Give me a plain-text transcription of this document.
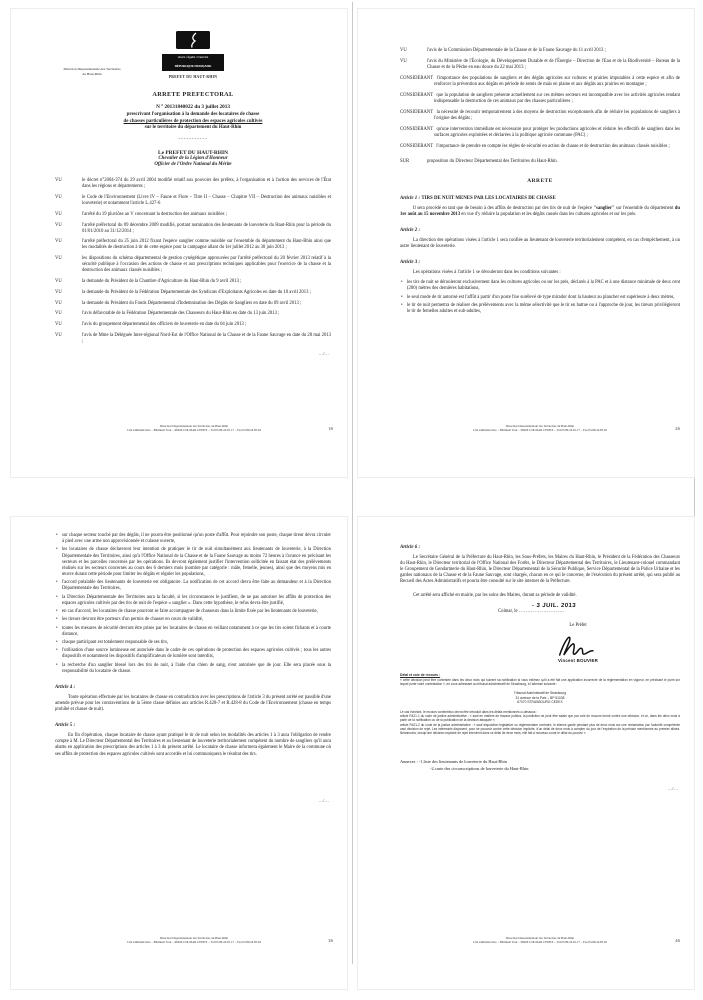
Direction Départementale des Territoires
du Haut-Rhin
Liberté • Égalité • Fraternité
RÉPUBLIQUE FRANÇAISE
PREFET DU HAUT-RHIN
ARRETE PREFECTORAL
N ° 20131840022 du 3 juillet 2013
prescrivant l'organisation à la demande des locataires de chasse
de chasses particulières de protection des espaces agricoles cultivés
sur le territoire du département du Haut-Rhin
-----------
Le PREFET DU HAUT-RHIN
Chevalier de la Légion d'Honneur
Officier de l'Ordre National du Mérite
VU	le décret n°2004-374 du 29 avril 2004 modifié relatif aux pouvoirs des préfets, à l'organisation et à l'action des services de l'État dans les régions et départements ;
VU	le Code de l'Environnement (Livre IV – Faune et Flore – Titre II – Chasse – Chapitre VII – Destruction des animaux nuisibles et louveterie) et notamment l'article L.427-6
VU	l'arrêté du 19 pluviôse an V concernant la destruction des animaux nuisibles ;
VU	l'arrêté préfectoral du 09 décembre 2009 modifié, portant nomination des lieutenants de louveterie du Haut-Rhin pour la période du 01/01/2010 au 31/12/2014 ;
VU	l'arrêté préfectoral du 25 juin 2012 fixant l'espèce sanglier comme nuisible sur l'ensemble du département du Haut-Rhin ainsi que les modalités de destruction à tir de cette espèce pour la campagne allant du 1er juillet 2012 au 30 juin 2013 ;
VU	les dispositions du schéma départemental de gestion cynégétique approuvées par l'arrêté préfectoral du 20 février 2013 relatif à la sécurité publique à l'occasion des actions de chasse et aux prescriptions techniques applicables pour l'exercice de la chasse et la destruction des animaux classés nuisibles ;
VU	la demande du Président de la Chambre d'Agriculture du Haut-Rhin du 9 avril 2013 ;
VU	la demande du Président de la Fédération Départementale des Syndicats d'Exploitants Agricoles en date du 10 avril 2013 ;
VU	la demande du Président du Fonds Départemental d'Indemnisation des Dégâts de Sangliers en date du 09 avril 2013 ;
VU	l'avis défavorable de la Fédération Départementale des Chasseurs du Haut-Rhin en date du 13 juin 2013 ;
VU	l'avis du groupement départemental des officiers de louveterie en date du 04 juin 2013 ;
VU	l'avis de Mme la Déléguée Inter-régional Nord-Est de l'Office National de la Chasse et de la Faune Sauvage en date du 28 mai 2013 ;
…/…
Direction Départementale des Territoires du Haut-Rhin
Cité administrative – Bâtiment Tour – 68026 COLMAR CEDEX – Tél.03.89.24.81.17 – Fax.03.89.24.85.62	1/6
VU	l'avis de la Commission Départementale de la Chasse et de la Faune Sauvage du 11 avril 2013 ;
VU	l'avis du Ministère de l'Écologie, du Développement Durable et de l'Énergie – Direction de l'Eau et de la Biodiversité – Bureau de la Chasse et de la Pêche en eau douce du 22 mai 2013 ;
CONSIDERANT l'importance des populations de sangliers et des dégâts agricoles sur cultures et prairies imputables à cette espèce et afin de renforcer la prévention aux dégâts en période de semis de maïs en plaine et aux dégâts aux prairies en montagne ;
CONSIDERANT que la population de sangliers présente actuellement sur ces mêmes secteurs est incompatible avec les activités agricoles rendant indispensable la destruction de ces animaux par des chasses particulières ;
CONSIDERANT la nécessité de recourir temporairement à des moyens de destruction exceptionnels afin de réduire les populations de sangliers à l'origine des dégâts ;
CONSIDERANT qu'une intervention immédiate est nécessaire pour protéger les productions agricoles et réduire les effectifs de sangliers dans les surfaces agricoles exploitées et déclarées à la politique agricole commune (PAC) ;
CONSIDERANT l'importance de prendre en compte les règles de sécurité en action de chasse et de destruction des animaux classés nuisibles ;
SUR	proposition du Directeur Départemental des Territoires du Haut-Rhin.
ARRETE
Article 1 : TIRS DE NUIT MENES PAR LES LOCATAIRES DE CHASSE

Il sera procédé en tant que de besoin à des affûts de destruction par des tirs de nuit de l'espèce "sanglier" sur l'ensemble du département du 1er août au 15 novembre 2013 en vue d'y réduire la population et les dégâts causés dans les cultures agricoles et sur les prés.

Article 2 :

La direction des opérations visées à l'article 1 sera confiée au lieutenant de louveterie territorialement compétent, en cas d'empêchement, à un autre lieutenant de louveterie.

Article 3 :

Les opérations visées à l'article 1 se dérouleront dans les conditions suivantes :

• les tirs de nuit se dérouleront exclusivement dans les cultures agricoles ou sur les prés, déclarés à la PAC et à une distance minimale de deux cent (200) mètres des dernières habitations,
• le seul mode de tir autorisé est l'affût à partir d'un poste fixe surélevé de type mirador dont la hauteur au plancher est supérieure à deux mètres,
• le tir de nuit permettra de réaliser des prélèvements avec la même sélectivité que le tir en battue ou à l'approche de jour, les tireurs privilégieront le tir de femelles adultes et sub-adultes,
Direction Départementale des Territoires du Haut-Rhin
Cité administrative – Bâtiment Tour – 68026 COLMAR CEDEX – Tél.03.89.24.81.17 – Fax.03.89.24.85.62	2/6
• sur chaque secteur touché par des dégâts, il ne pourra être positionné qu'un poste d'affût. Pour rejoindre son poste, chaque tireur devra circuler à pied avec une arme non approvisionnée et culasse ouverte,
• les locataires de chasse déclareront leur intention de pratiquer le tir de nuit simultanément aux lieutenants de louveterie, à la Direction Départementale des Territoires, ainsi qu'à l'Office National de la Chasse et de la Faune Sauvage au moins 72 heures à l'avance en précisant les secteurs et les parcelles concernés par les opérations. Ils devront également justifier l'intervention sollicitée en faisant état des prélèvements réalisés sur les secteurs concernés au cours des 6 derniers mois (nombre par catégorie : mâle, femelle, jeunes), ainsi que des moyens mis en œuvre durant cette période pour limiter les dégâts et réguler les populations,
• l'accord préalable des lieutenants de louveterie est obligatoire. La notification de cet accord devra être faite au demandeur et à la Direction Départementale des Territoires,
• la Direction Départementale des Territoires aura la faculté, si les circonstances le justifient, de ne pas autoriser les affûts de protection des espaces agricoles cultivés par des tirs de nuit de l'espèce « sanglier ». Dans cette hypothèse, le refus devra être justifié,
• en cas d'accord, les locataires de chasse pourront se faire accompagner de chasseurs dans la limite fixée par les lieutenants de louveterie,
• les tireurs devront être porteurs d'un permis de chasser en cours de validité,
• toutes les mesures de sécurité devront être prises par les locataires de chasse en veillant notamment à ce que les tirs soient fichants et à courte distance,
• chaque participant est totalement responsable de ses tirs,
• l'utilisation d'une source lumineuse est autorisée dans le cadre de ces opérations de protection des espaces agricoles cultivés ; tous les autres dispositifs et notamment les dispositifs d'amplificateurs de lumière sont interdits,
• la recherche d'un sanglier blessé lors des tirs de nuit, à l'aide d'un chien de sang, n'est autorisée que de jour. Elle sera placée sous la responsabilité du locataire de chasse.
Article 4 :

Toute opération effectuée par les locataires de chasse en contradiction avec les prescriptions de l'article 3 du présent arrêté est passible d'une amende prévue pour les contraventions de la 5ème classe définies aux articles R.428-7 et R.428-8 du Code de l'Environnement (chasse en temps prohibé et chasse de nuit).

Article 5 :

En fin d'opération, chaque locataire de chasse ayant pratiqué le tir de nuit selon les modalités des articles 1 à 3 aura l'obligation de rendre compte à M. Le Directeur Départemental des Territoires et au lieutenant de louveterie territorialement compétent du nombre de sangliers qu'il aura abattu en application des prescriptions des articles 1 à 3 du présent arrêté. Le locataire de chasse informera également le Maire de la commune où ses affûts de protection des espaces agricoles cultivés sont accordés et lui communiquera le résultat des tirs.

…/…
Direction Départementale des Territoires du Haut-Rhin
Cité administrative – Bâtiment Tour – 68026 COLMAR CEDEX – Tél.03.89.24.81.17 – Fax.03.89.24.85.62	3/6
Article 6 :

Le Secrétaire Général de la Préfecture du Haut-Rhin, les Sous-Préfets, les Maires du Haut-Rhin, le Président de la Fédération des Chasseurs du Haut-Rhin, le Directeur territorial de l'Office National des Forêts, le Directeur Départemental des Territoires, le Lieutenant-colonel commandant le Groupement de Gendarmerie du Haut-Rhin, le Directeur Départemental de la Sécurité Publique, Service Départemental de la Police Urbaine et les gardes nationaux de la Chasse et de la Faune Sauvage, sont chargés, chacun en ce qui le concerne, de l'exécution du présent arrêté, qui sera publié au Recueil des Actes Administratifs et pourra être consulté sur le site internet de la Préfecture.

Cet arrêté sera affiché en mairie, par les soins des Maires, durant sa période de validité.

Colmar, le ..........................
- 3 JUIL. 2013
Le Préfet
Vincent BOUVIER
Délai et voie de recours :
« cette décision peut être contestée dans les deux mois qui suivent sa notification si vous estimez qu'il a été fait une application incorrecte de la réglementation en vigueur, en précisant le point sur lequel porte votre contestation », en vous adressant au tribunal administratif de Strasbourg, à l'adresse suivante :
Tribunal Administratif de Strasbourg
31 avenue de la Paix – BP 51038
67070 STRASBOURG CEDEX
Le cas échéant, le recours contentieux devra être introduit dans les délais mentionnés ci-dessous :
article R421-1 du code de justice administrative : « sauf en matière de travaux publics, la juridiction ne peut être saisie que par voie de recours formé contre une décision, et ce, dans les deux mois à partir de la notification ou de la publication de la décision attaquée »,
article R421-2 du code de la justice administrative : « sauf disposition législative ou réglementaire contraire, le silence gardé pendant plus de deux mois sur une réclamation par l'autorité compétente vaut décision de rejet. Les intéressés disposent, pour se pourvoir contre cette décision implicite, d'un délai de deux mois à compter du jour de l'expiration de la période mentionnée au premier alinéa. Néanmoins, lorsqu'une décision explicite de rejet intervient dans ce délai de deux mois, elle fait à nouveau courir le délai du pourvoi ».
Annexes : -1.liste des lieutenants de louveterie du Haut-Rhin
-2.carte des circonscriptions de louveterie du Haut-Rhin
…/…
Direction Départementale des Territoires du Haut-Rhin
Cité administrative – Bâtiment Tour – 68026 COLMAR CEDEX – Tél.03.89.24.81.17 – Fax.03.89.24.85.62	4/6
